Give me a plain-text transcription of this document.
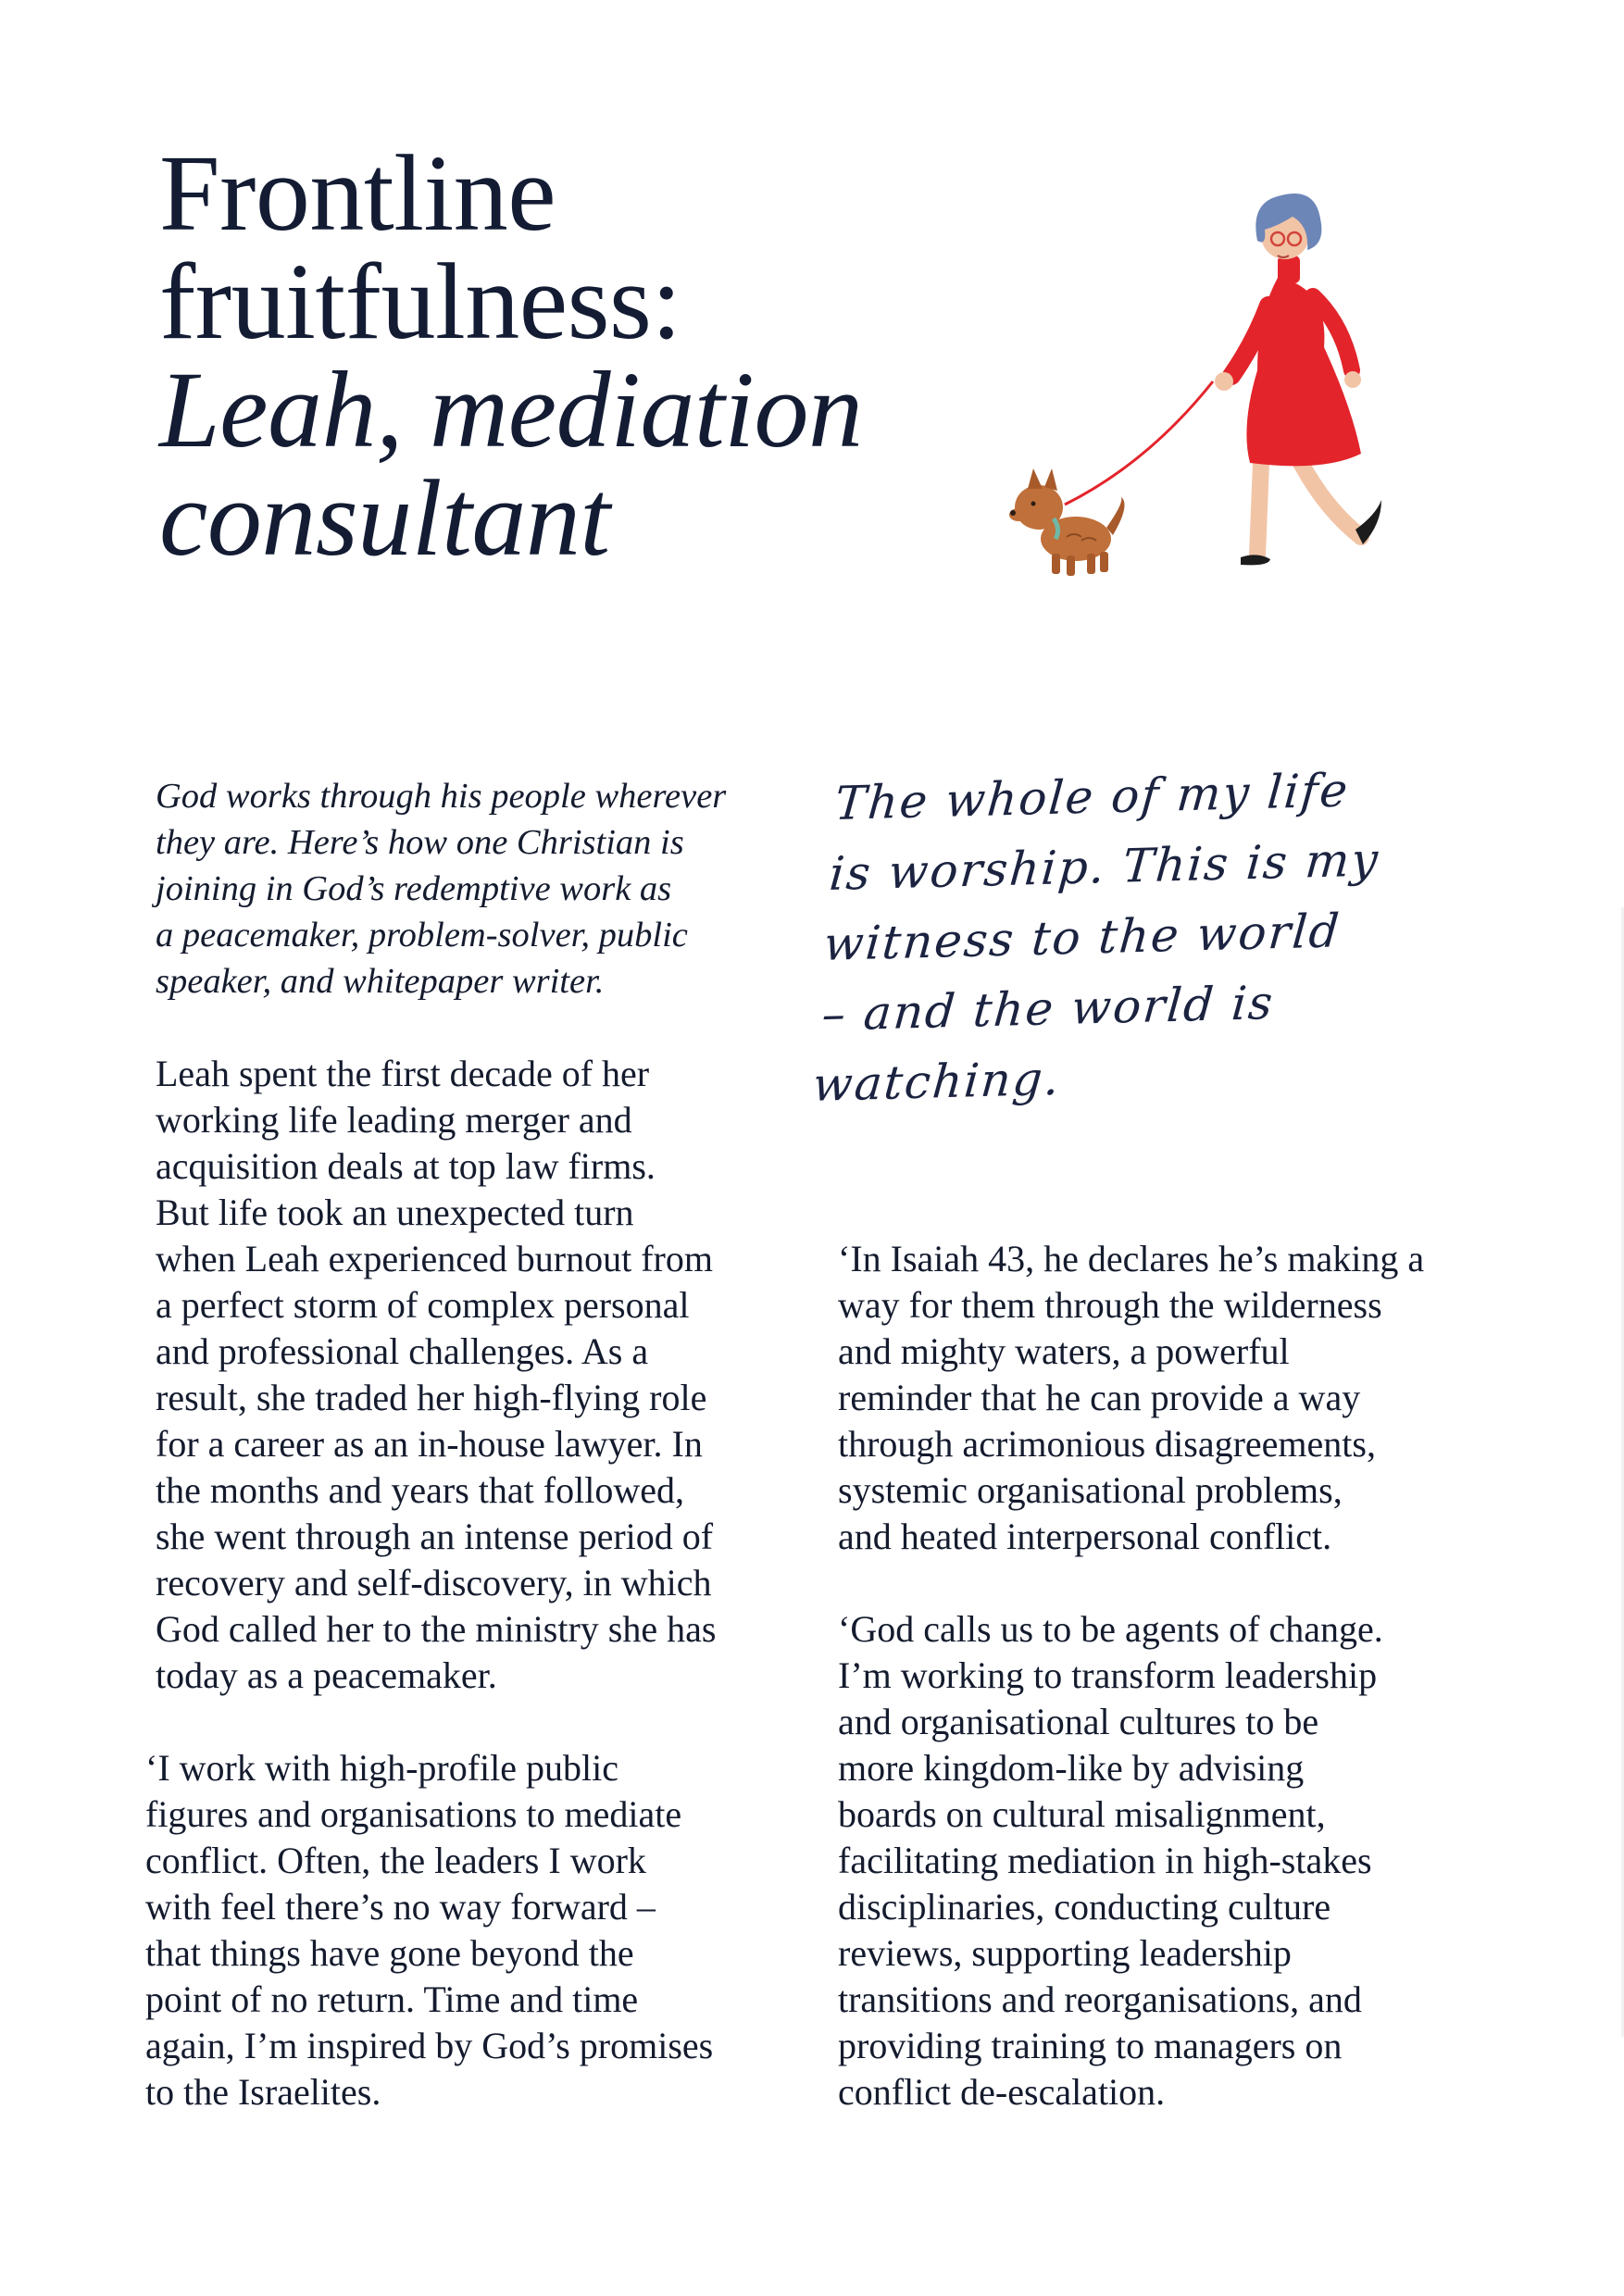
Frontline
fruitfulness:
Leah, mediation
consultant

God works through his people wherever
they are. Here’s how one Christian is
joining in God’s redemptive work as
a peacemaker, problem-solver, public
speaker, and whitepaper writer.

Leah spent the first decade of her
working life leading merger and
acquisition deals at top law firms.
But life took an unexpected turn
when Leah experienced burnout from
a perfect storm of complex personal
and professional challenges. As a
result, she traded her high-flying role
for a career as an in-house lawyer. In
the months and years that followed,
she went through an intense period of
recovery and self-discovery, in which
God called her to the ministry she has
today as a peacemaker.

‘I work with high-profile public
figures and organisations to mediate
conflict. Often, the leaders I work
with feel there’s no way forward –
that things have gone beyond the
point of no return. Time and time
again, I’m inspired by God’s promises
to the Israelites.

The whole of my life
is worship. This is my
witness to the world
– and the world is
watching.

‘In Isaiah 43, he declares he’s making a
way for them through the wilderness
and mighty waters, a powerful
reminder that he can provide a way
through acrimonious disagreements,
systemic organisational problems,
and heated interpersonal conflict.

‘God calls us to be agents of change.
I’m working to transform leadership
and organisational cultures to be
more kingdom-like by advising
boards on cultural misalignment,
facilitating mediation in high-stakes
disciplinaries, conducting culture
reviews, supporting leadership
transitions and reorganisations, and
providing training to managers on
conflict de-escalation.
